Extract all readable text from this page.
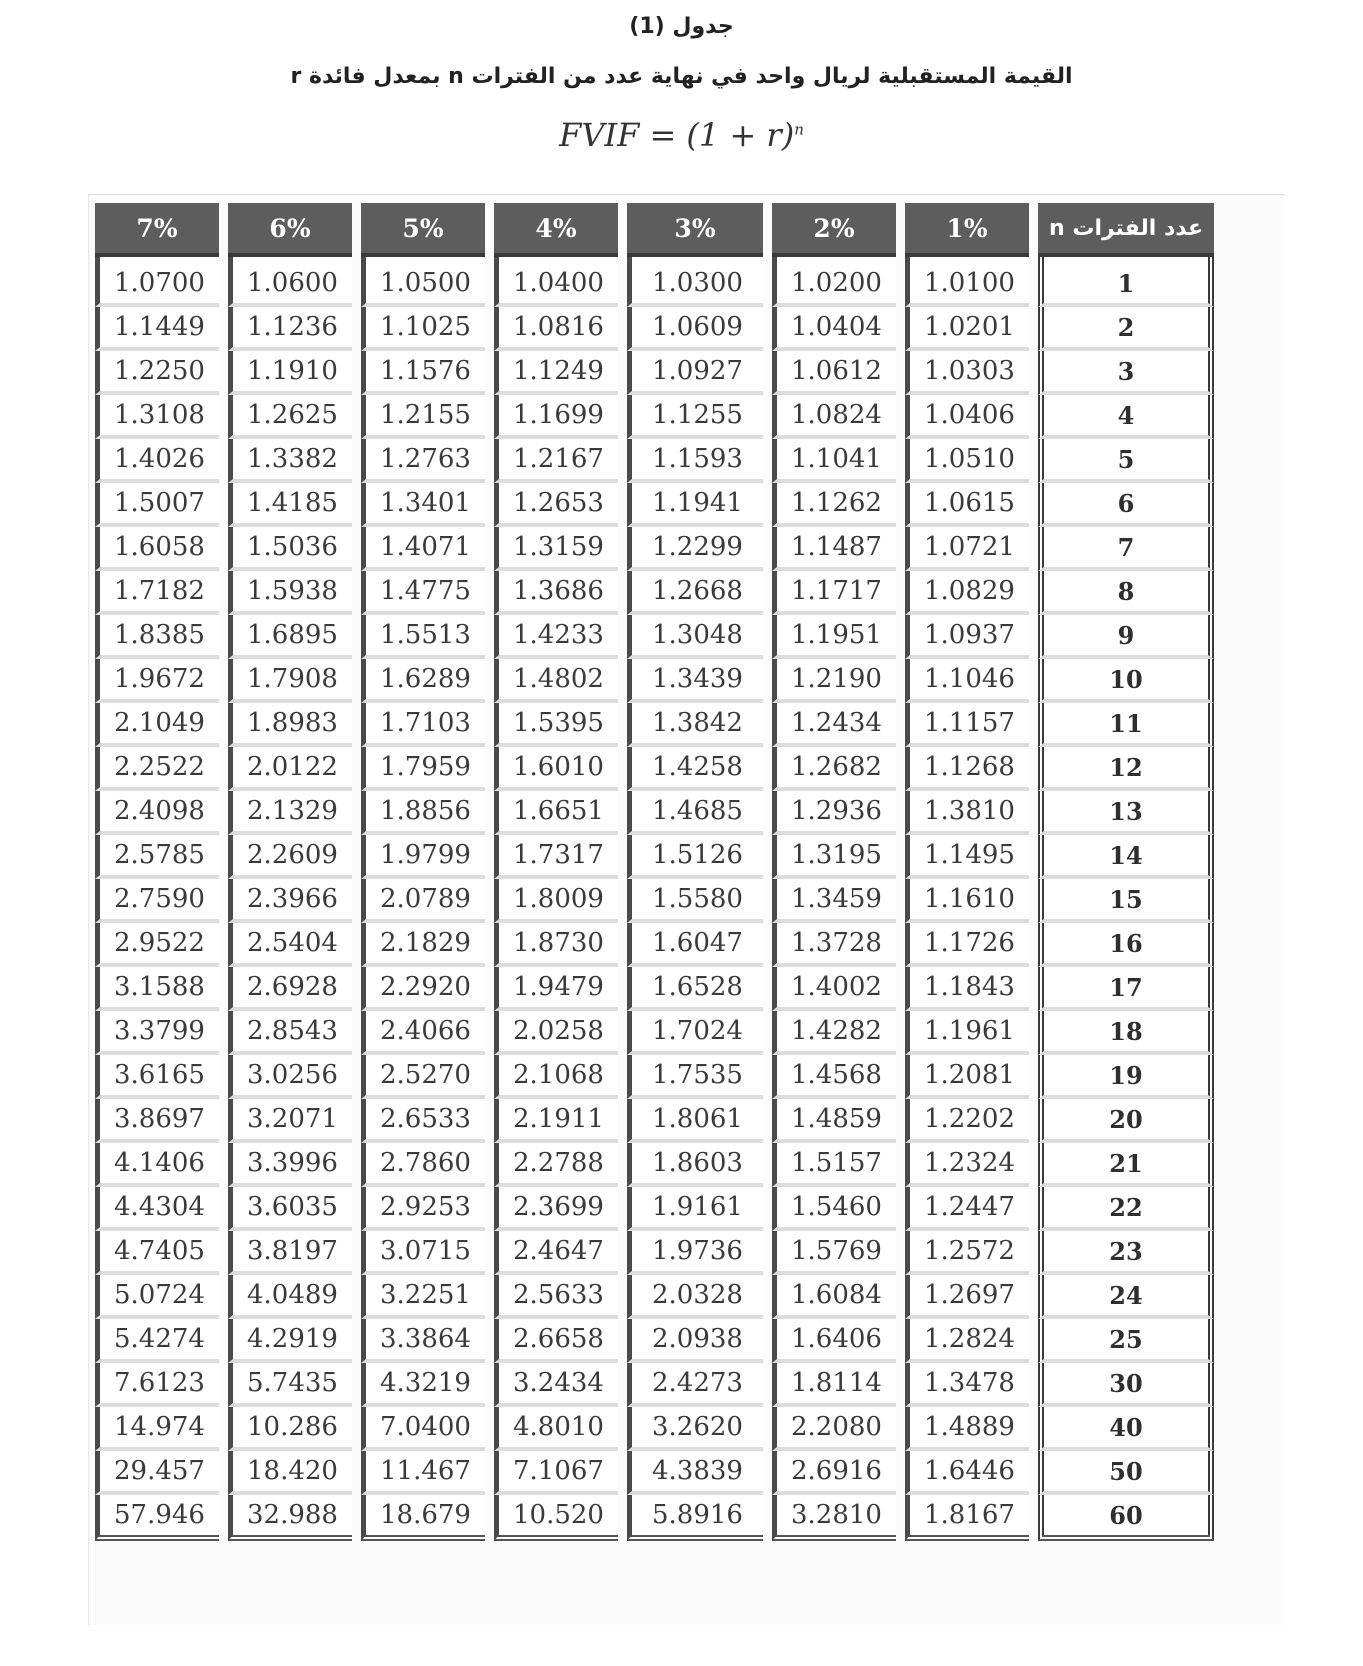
جدول (1)
القيمة المستقبلية لريال واحد في نهاية عدد من الفترات n بمعدل فائدة r
FVIF = $(1 + r)^n$
7%	6%	5%	4%	3%	2%	1%	عدد الفترات n
1.0700	1.0600	1.0500	1.0400	1.0300	1.0200	1.0100	1
1.1449	1.1236	1.1025	1.0816	1.0609	1.0404	1.0201	2
1.2250	1.1910	1.1576	1.1249	1.0927	1.0612	1.0303	3
1.3108	1.2625	1.2155	1.1699	1.1255	1.0824	1.0406	4
1.4026	1.3382	1.2763	1.2167	1.1593	1.1041	1.0510	5
1.5007	1.4185	1.3401	1.2653	1.1941	1.1262	1.0615	6
1.6058	1.5036	1.4071	1.3159	1.2299	1.1487	1.0721	7
1.7182	1.5938	1.4775	1.3686	1.2668	1.1717	1.0829	8
1.8385	1.6895	1.5513	1.4233	1.3048	1.1951	1.0937	9
1.9672	1.7908	1.6289	1.4802	1.3439	1.2190	1.1046	10
2.1049	1.8983	1.7103	1.5395	1.3842	1.2434	1.1157	11
2.2522	2.0122	1.7959	1.6010	1.4258	1.2682	1.1268	12
2.4098	2.1329	1.8856	1.6651	1.4685	1.2936	1.3810	13
2.5785	2.2609	1.9799	1.7317	1.5126	1.3195	1.1495	14
2.7590	2.3966	2.0789	1.8009	1.5580	1.3459	1.1610	15
2.9522	2.5404	2.1829	1.8730	1.6047	1.3728	1.1726	16
3.1588	2.6928	2.2920	1.9479	1.6528	1.4002	1.1843	17
3.3799	2.8543	2.4066	2.0258	1.7024	1.4282	1.1961	18
3.6165	3.0256	2.5270	2.1068	1.7535	1.4568	1.2081	19
3.8697	3.2071	2.6533	2.1911	1.8061	1.4859	1.2202	20
4.1406	3.3996	2.7860	2.2788	1.8603	1.5157	1.2324	21
4.4304	3.6035	2.9253	2.3699	1.9161	1.5460	1.2447	22
4.7405	3.8197	3.0715	2.4647	1.9736	1.5769	1.2572	23
5.0724	4.0489	3.2251	2.5633	2.0328	1.6084	1.2697	24
5.4274	4.2919	3.3864	2.6658	2.0938	1.6406	1.2824	25
7.6123	5.7435	4.3219	3.2434	2.4273	1.8114	1.3478	30
14.974	10.286	7.0400	4.8010	3.2620	2.2080	1.4889	40
29.457	18.420	11.467	7.1067	4.3839	2.6916	1.6446	50
57.946	32.988	18.679	10.520	5.8916	3.2810	1.8167	60
